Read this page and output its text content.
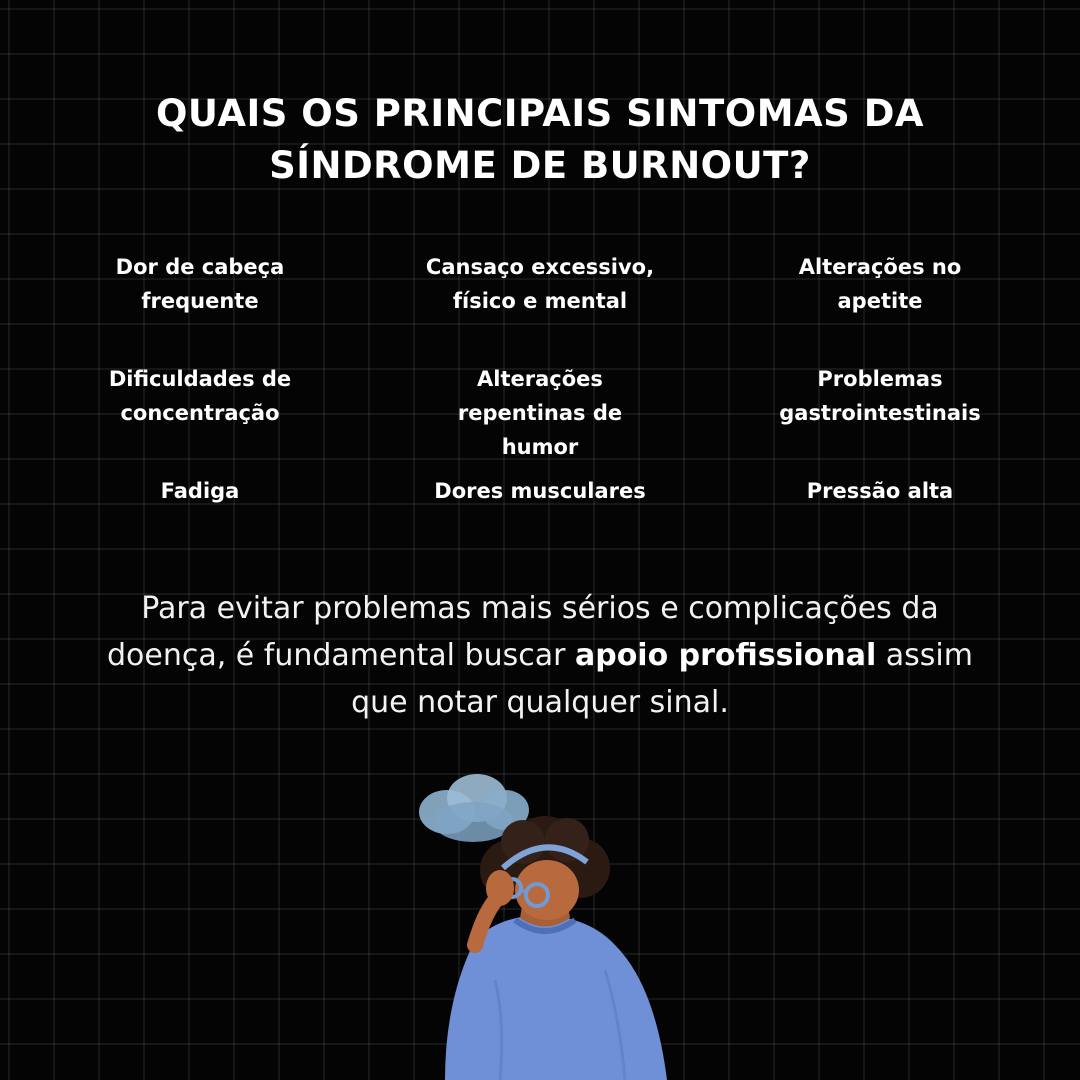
QUAIS OS PRINCIPAIS SINTOMAS DA
SÍNDROME DE BURNOUT?
Dor de cabeça
frequente
Cansaço excessivo,
físico e mental
Alterações no
apetite
Dificuldades de
concentração
Alterações
repentinas de humor
Problemas
gastrointestinais
Fadiga	Dores musculares	Pressão alta

Para evitar problemas mais sérios e complicações da
doença, é fundamental buscar apoio profissional assim
que notar qualquer sinal.
